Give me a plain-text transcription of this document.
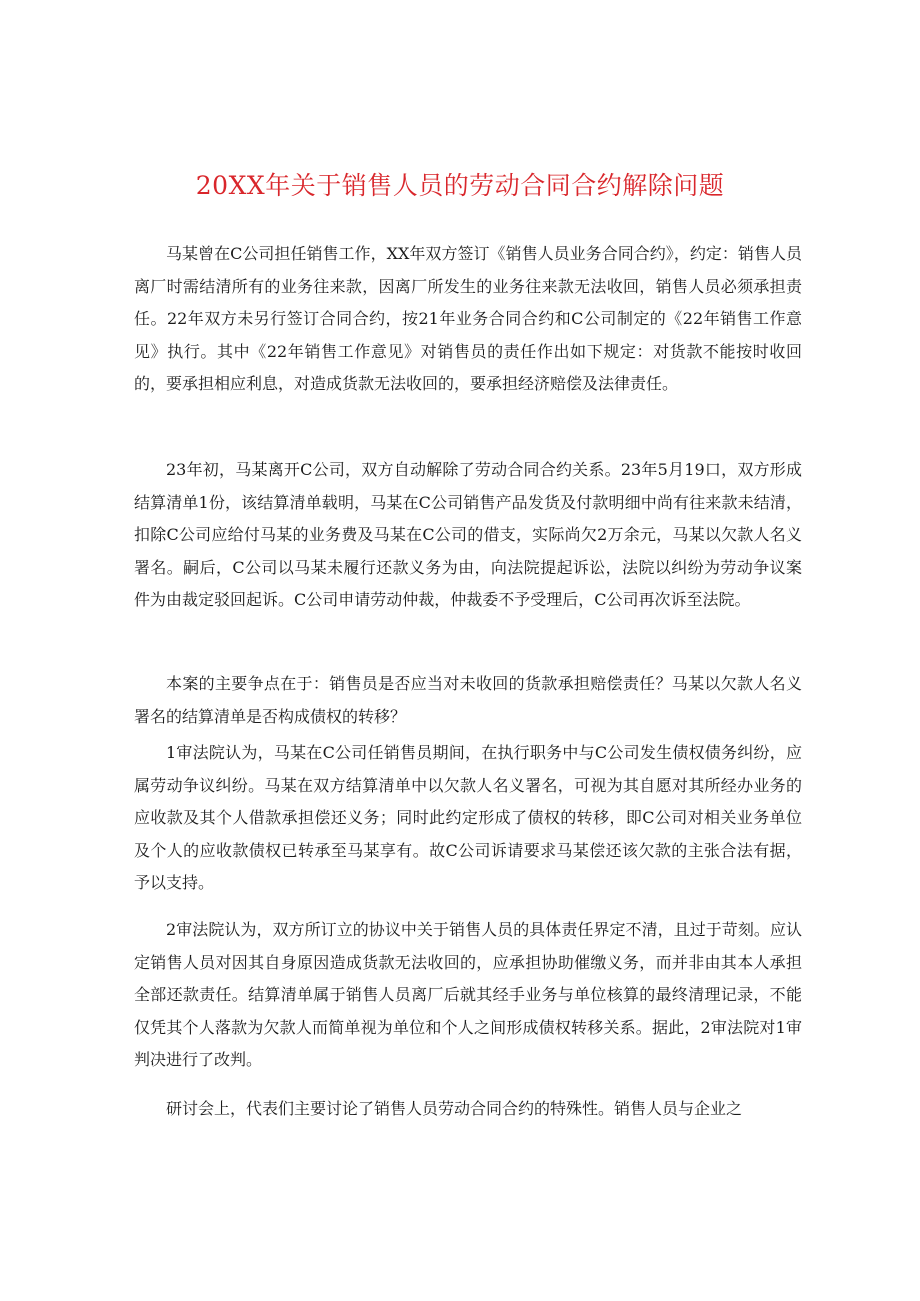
20XX年关于销售人员的劳动合同合约解除问题

马某曾在C公司担任销售工作，XX年双方签订《销售人员业务合同合约》，约定：销售人员离厂时需结清所有的业务往来款，因离厂所发生的业务往来款无法收回，销售人员必须承担责任。22年双方未另行签订合同合约，按21年业务合同合约和C公司制定的《22年销售工作意见》执行。其中《22年销售工作意见》对销售员的责任作出如下规定：对货款不能按时收回的，要承担相应利息，对造成货款无法收回的，要承担经济赔偿及法律责任。

23年初，马某离开C公司，双方自动解除了劳动合同合约关系。23年5月19口，双方形成结算清单1份，该结算清单载明，马某在C公司销售产品发货及付款明细中尚有往来款未结清，扣除C公司应给付马某的业务费及马某在C公司的借支，实际尚欠2万余元，马某以欠款人名义署名。嗣后，C公司以马某未履行还款义务为由，向法院提起诉讼，法院以纠纷为劳动争议案件为由裁定驳回起诉。C公司申请劳动仲裁，仲裁委不予受理后，C公司再次诉至法院。

本案的主要争点在于：销售员是否应当对未收回的货款承担赔偿责任？马某以欠款人名义署名的结算清单是否构成债权的转移？

1审法院认为，马某在C公司任销售员期间，在执行职务中与C公司发生债权债务纠纷，应属劳动争议纠纷。马某在双方结算清单中以欠款人名义署名，可视为其自愿对其所经办业务的应收款及其个人借款承担偿还义务；同时此约定形成了债权的转移，即C公司对相关业务单位及个人的应收款债权已转承至马某享有。故C公司诉请要求马某偿还该欠款的主张合法有据，予以支持。

2审法院认为，双方所订立的协议中关于销售人员的具体责任界定不清，且过于苛刻。应认定销售人员对因其自身原因造成货款无法收回的，应承担协助催缴义务，而并非由其本人承担全部还款责任。结算清单属于销售人员离厂后就其经手业务与单位核算的最终清理记录，不能仅凭其个人落款为欠款人而简单视为单位和个人之间形成债权转移关系。据此，2审法院对1审判决进行了改判。

研讨会上，代表们主要讨论了销售人员劳动合同合约的特殊性。销售人员与企业之
